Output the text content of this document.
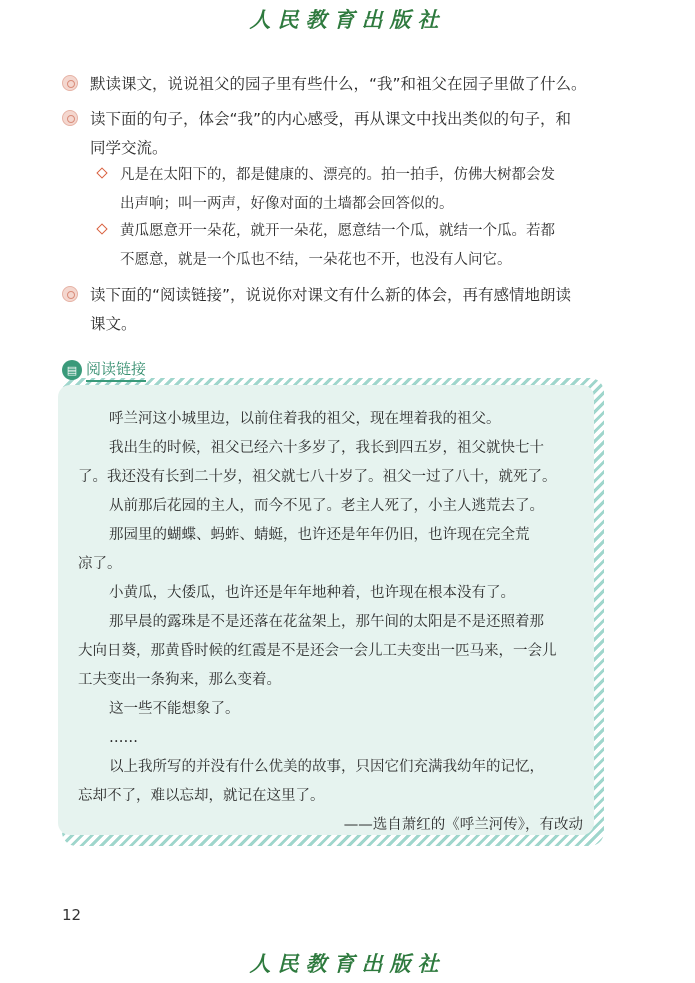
人民教育出版社
默读课文，说说祖父的园子里有些什么，“我”和祖父在园子里做了什么。
读下面的句子，体会“我”的内心感受，再从课文中找出类似的句子，和
同学交流。
凡是在太阳下的，都是健康的、漂亮的。拍一拍手，仿佛大树都会发
出声响；叫一两声，好像对面的土墙都会回答似的。
黄瓜愿意开一朵花，就开一朵花，愿意结一个瓜，就结一个瓜。若都
不愿意，就是一个瓜也不结，一朵花也不开，也没有人问它。
读下面的“阅读链接”，说说你对课文有什么新的体会，再有感情地朗读
课文。
▤ 阅读链接
呼兰河这小城里边，以前住着我的祖父，现在埋着我的祖父。
我出生的时候，祖父已经六十多岁了，我长到四五岁，祖父就快七十
了。我还没有长到二十岁，祖父就七八十岁了。祖父一过了八十，就死了。
从前那后花园的主人，而今不见了。老主人死了，小主人逃荒去了。
那园里的蝴蝶、蚂蚱、蜻蜓，也许还是年年仍旧，也许现在完全荒
凉了。
小黄瓜，大倭瓜，也许还是年年地种着，也许现在根本没有了。
那早晨的露珠是不是还落在花盆架上，那午间的太阳是不是还照着那
大向日葵，那黄昏时候的红霞是不是还会一会儿工夫变出一匹马来，一会儿
工夫变出一条狗来，那么变着。
这一些不能想象了。
……
以上我所写的并没有什么优美的故事，只因它们充满我幼年的记忆，
忘却不了，难以忘却，就记在这里了。
——选自萧红的《呼兰河传》，有改动
12
人民教育出版社
